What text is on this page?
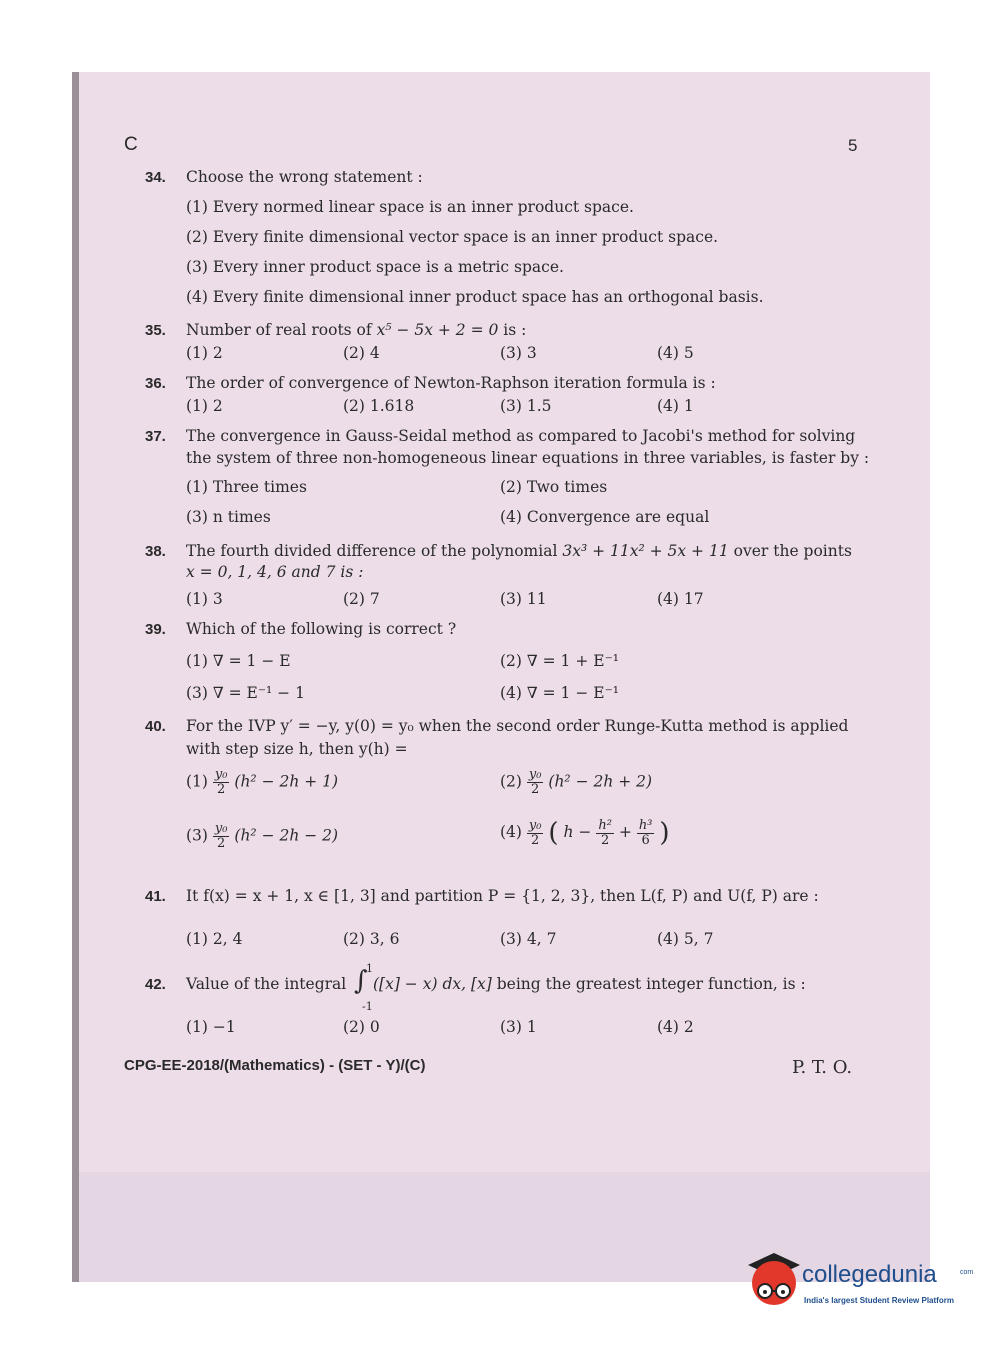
C	5
34. Choose the wrong statement :
(1) Every normed linear space is an inner product space.
(2) Every finite dimensional vector space is an inner product space.
(3) Every inner product space is a metric space.
(4) Every finite dimensional inner product space has an orthogonal basis.
35. Number of real roots of x⁵ − 5x + 2 = 0 is :
(1) 2	(2) 4	(3) 3	(4) 5
36. The order of convergence of Newton-Raphson iteration formula is :
(1) 2	(2) 1.618	(3) 1.5	(4) 1
37. The convergence in Gauss-Seidal method as compared to Jacobi's method for solving
the system of three non-homogeneous linear equations in three variables, is faster by :
(1) Three times	(2) Two times
(3) n times	(4) Convergence are equal
38. The fourth divided difference of the polynomial 3x³ + 11x² + 5x + 11 over the points
x = 0, 1, 4, 6 and 7 is :
(1) 3	(2) 7	(3) 11	(4) 17
39. Which of the following is correct ?
(1) ∇ = 1 − E	(2) ∇ = 1 + E⁻¹
(3) ∇ = E⁻¹ − 1	(4) ∇ = 1 − E⁻¹
40. For the IVP y′ = −y, y(0) = y₀ when the second order Runge-Kutta method is applied
with step size h, then y(h) =
$(1) \frac{\text{y₀}}{2} (h^2 - 2h + 1)$	$(2) \frac{\text{y₀}}{2} (h^2 - 2h + 2)$
$(3) \frac{\text{y₀}}{2} (h^2 - 2h - 2)$	$(4) \frac{\text{y₀}}{2}$ ( $h - \frac{\text{h²}}{2} + \frac{\text{h³}}{6}$ )
41. It f(x) = x + 1, x ∈ [1, 3] and partition P = {1, 2, 3}, then L(f, P) and U(f, P) are :
(1) 2, 4	(2) 3, 6	(3) 4, 7	(4) 5, 7
42. Value of the integral
1
∫
-1
([x] − x) dx, [x] being the greatest integer function, is :
(1) −1	(2) 0	(3) 1	(4) 2
CPG-EE-2018/(Mathematics) - (SET - Y)/(C)	P. T. O.
collegedunia	com
India's largest Student Review Platform
